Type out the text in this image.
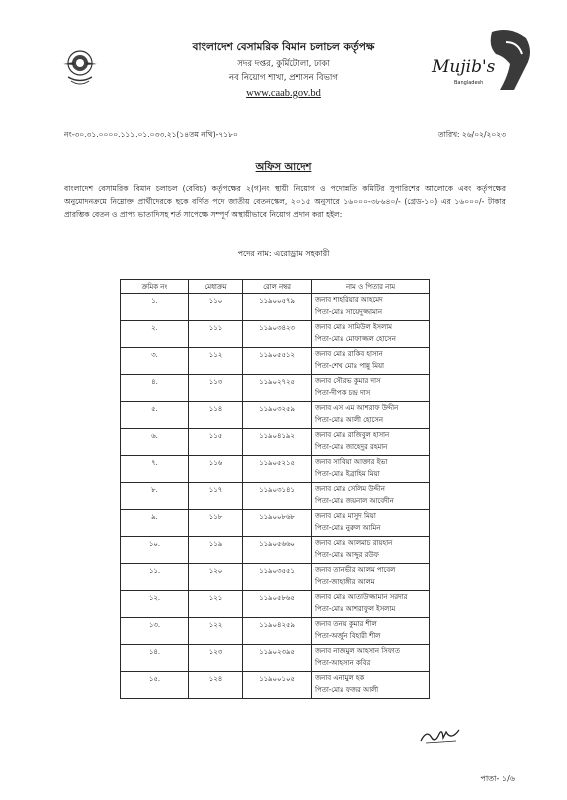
বাংলাদেশ বেসামরিক বিমান চলাচল কর্তৃপক্ষ
সদর দপ্তর, কুর্মিটোলা, ঢাকা
নব নিয়োগ শাখা, প্রশাসন বিভাগ
www.caab.gov.bd
Mujib's
Bangladesh
নং-৩০.৩১.০০০০.১১১.০১.০৩৩.২১(১৪তম নথি)-৭১৮০	তারিখ: ২৬/০২/২০২৩
অফিস আদেশ
বাংলাদেশ বেসামরিক বিমান চলাচল (বেবিচ) কর্তৃপক্ষের ২(গ)নং স্থায়ী নিয়োগ ও পদোন্নতি কমিটির সুপারিশের আলোকে এবং কর্তৃপক্ষের অনুমোদনক্রমে নিম্নোক্ত প্রার্থীদেরকে ছকে বর্ণিত পদে জাতীয় বেতনস্কেল, ২০১৫ অনুসারে ১৬০০০-৩৮৬৪০/- (গ্রেড-১০) এর ১৬০০০/- টাকার প্রারম্ভিক বেতন ও প্রাপ্য ভাতাদিসহ শর্ত সাপেক্ষে সম্পূর্ণ অস্থায়ীভাবে নিয়োগ প্রদান করা হইল:
পদের নাম: এরোড্রাম সহকারী
ক্রমিক নং	মেধাক্রম	রোল নম্বর	নাম ও পিতার নাম

১.	১১০	১১৯০০৫৭৯	জনাব শাহরিয়ার আহমেদ
পিতা-মোঃ সায়েদুজ্জামান

২.	১১১	১১৯০৩৪২৩	জনাব মোঃ সামিউল ইসলাম
পিতা-মোঃ মোফাজ্জল হোসেন

৩.	১১২	১১৯০৫৫১২	জনাব মোঃ রাকিব হাসান
পিতা-শেখ মোঃ পান্নু মিয়া

৪.	১১৩	১১৯০২৭২৫	জনাব সৌরভ কুমার দাস
পিতা-দীপক চন্দ্র দাস

৫.	১১৪	১১৯০৩২৫৯	জনাব এস এম আশরাফ উদ্দীন
পিতা-মোঃ আলী হোসেন

৬.	১১৫	১১৯০৪১৯২	জনাব মোঃ রাজিবুল হাসান
পিতা-মোঃ জাহেদুর রহমান

৭.	১১৬	১১৯০৫২১৫	জনাব সাবিয়া আক্তার ইভা
পিতা-মোঃ ইব্রাহিম মিয়া

৮.	১১৭	১১৯০৩১৪১	জনাব মোঃ সেলিম উদ্দীন
পিতা-মোঃ জয়নাল আবেদীন

৯.	১১৮	১১৯০০৮৬৮	জনাব মোঃ মাসুদ মিয়া
পিতা-মোঃ নুরুল আমিন

১০.	১১৯	১১৯০৫৬৬০	জনাব মোঃ আলমাচ রায়হান
পিতা-মোঃ আব্দুর রউফ

১১.	১২০	১১৯০৩৫৫১	জনাব তানভীর আলম পাবেল
পিতা-জাহাঙ্গীর আলম

১২.	১২১	১১৯০৫৮৬৫	জনাব মোঃ আতাউজ্জামান সরদার
পিতা-মোঃ আশরাফুল ইসলাম

১৩.	১২২	১১৯০৪২৫৯	জনাব তনয় কুমার শীল
পিতা-অর্জুন বিহারী শীল

১৪.	১২৩	১১৯০২৩৯৫	জনাব নাজমুল আহসান সিফাত
পিতা-আহসান কবির

১৫.	১২৪	১১৯০০১০৫	জনাব এনামুল হক
পিতা-মোঃ ফজর আলী
পাতা- ১/৬
